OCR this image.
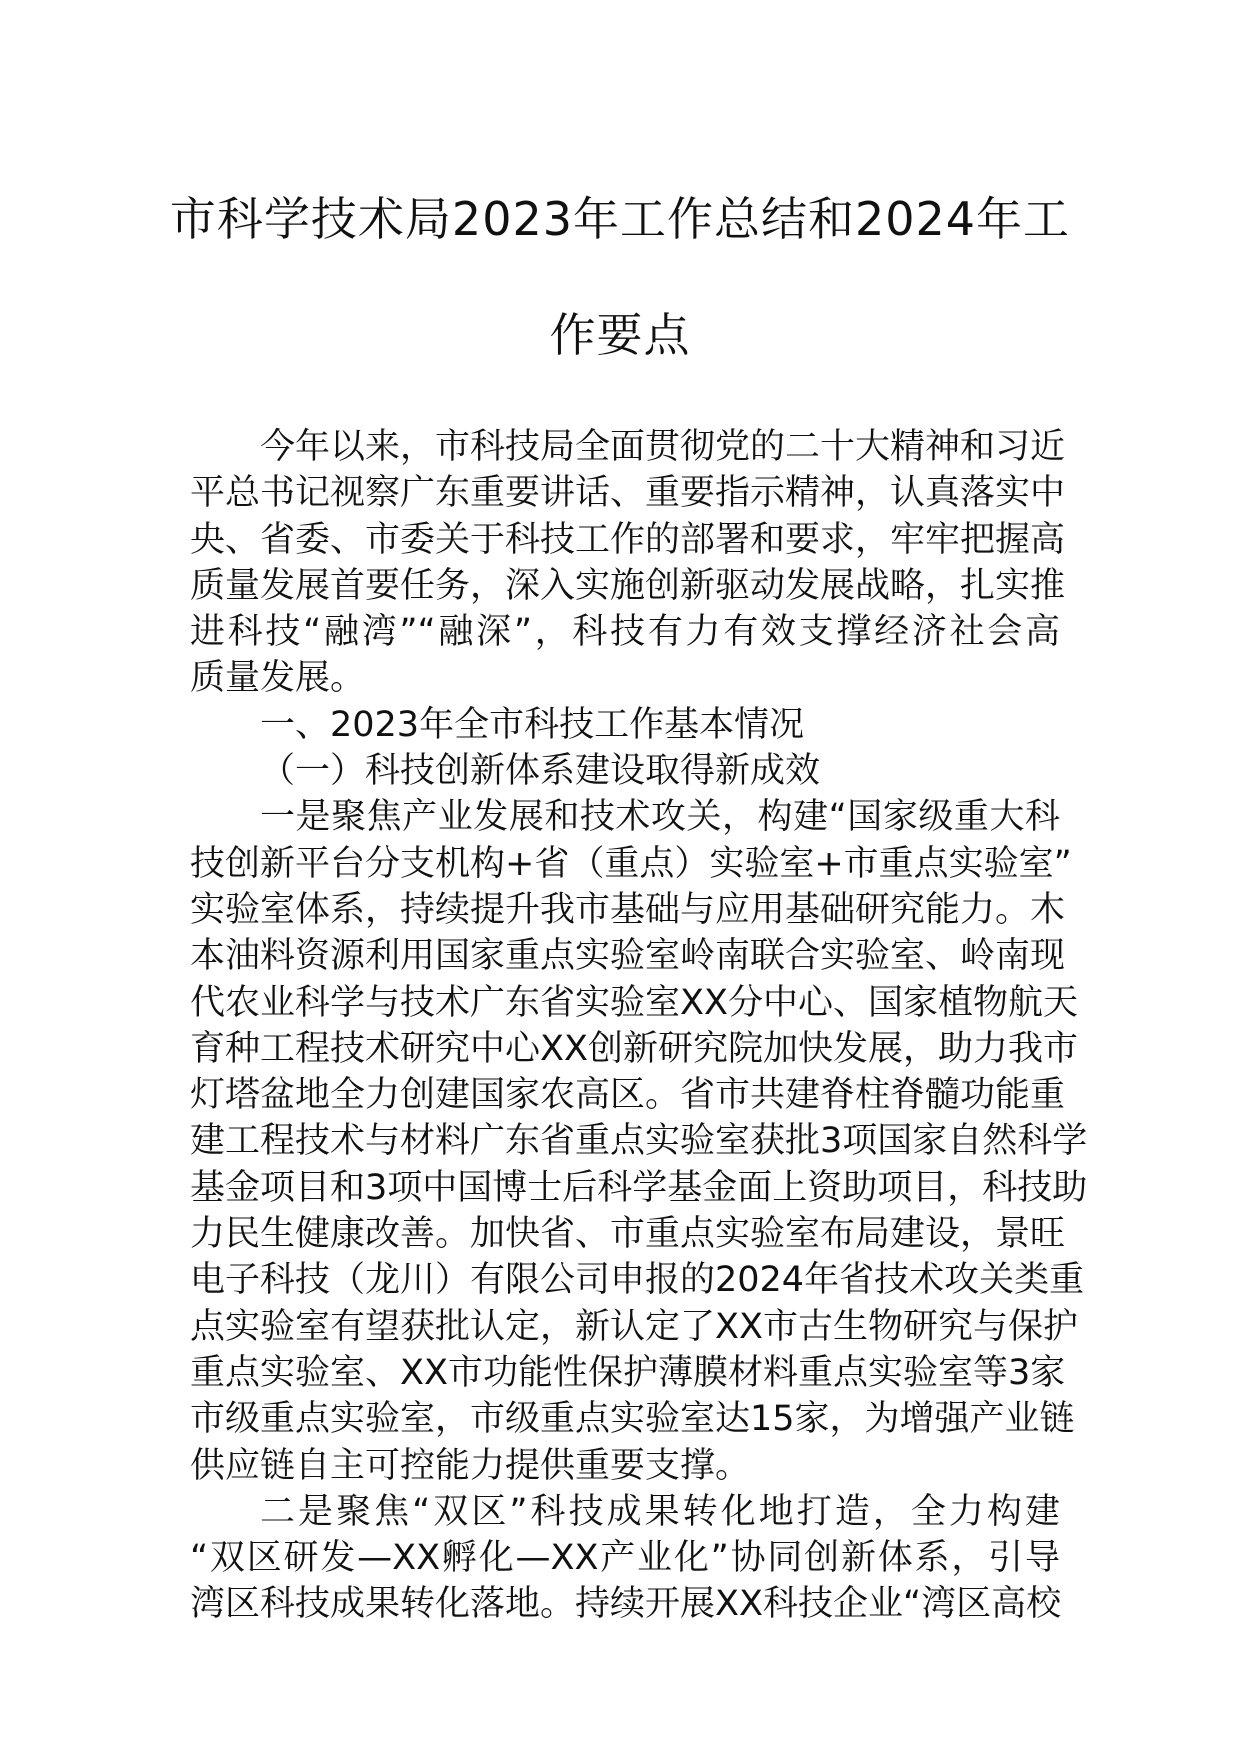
市科学技术局2023年工作总结和2024年工
作要点
今年以来，市科技局全面贯彻党的二十大精神和习近
平总书记视察广东重要讲话、重要指示精神，认真落实中
央、省委、市委关于科技工作的部署和要求，牢牢把握高
质量发展首要任务，深入实施创新驱动发展战略，扎实推
进科技“融湾”“融深”，科技有力有效支撑经济社会高
质量发展。
一、2023年全市科技工作基本情况
（一）科技创新体系建设取得新成效
一是聚焦产业发展和技术攻关，构建“国家级重大科
技创新平台分支机构+省（重点）实验室+市重点实验室”
实验室体系，持续提升我市基础与应用基础研究能力。木
本油料资源利用国家重点实验室岭南联合实验室、岭南现
代农业科学与技术广东省实验室XX分中心、国家植物航天
育种工程技术研究中心XX创新研究院加快发展，助力我市
灯塔盆地全力创建国家农高区。省市共建脊柱脊髓功能重
建工程技术与材料广东省重点实验室获批3项国家自然科学
基金项目和3项中国博士后科学基金面上资助项目，科技助
力民生健康改善。加快省、市重点实验室布局建设，景旺
电子科技（龙川）有限公司申报的2024年省技术攻关类重
点实验室有望获批认定，新认定了XX市古生物研究与保护
重点实验室、XX市功能性保护薄膜材料重点实验室等3家
市级重点实验室，市级重点实验室达15家，为增强产业链
供应链自主可控能力提供重要支撑。
二是聚焦“双区”科技成果转化地打造，全力构建
“双区研发—XX孵化—XX产业化”协同创新体系，引导
湾区科技成果转化落地。持续开展XX科技企业“湾区高校
